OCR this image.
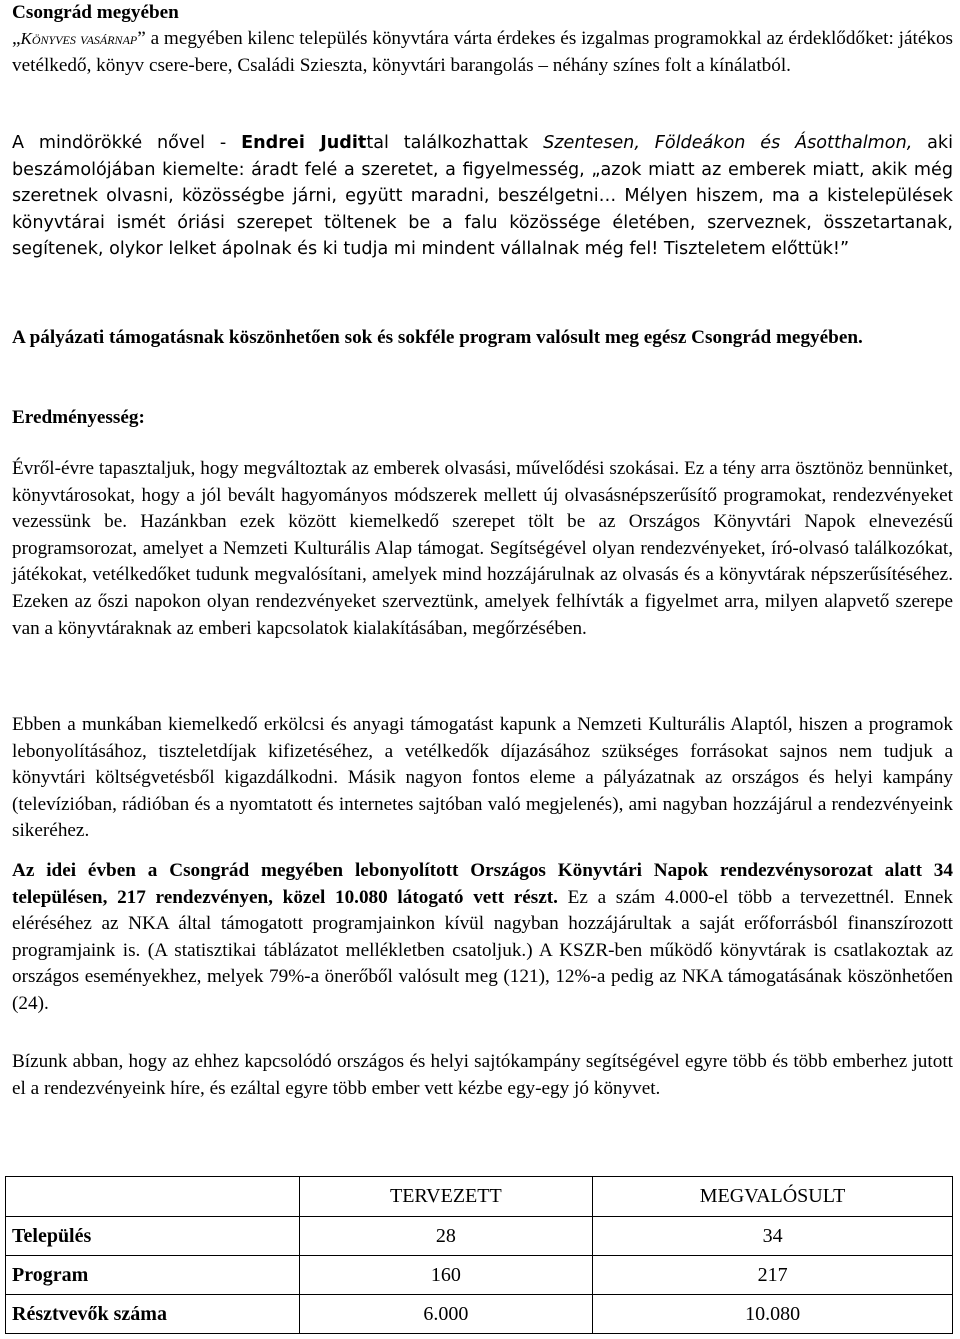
Csongrád megyében

„Könyves vasárnap” a megyében kilenc település könyvtára várta érdekes és izgalmas programokkal az érdeklődőket: játékos vetélkedő, könyv csere-bere, Családi Szieszta, könyvtári barangolás – néhány színes folt a kínálatból.

A mindörökké nővel - Endrei Judittal találkozhattak Szentesen, Földeákon és Ásotthalmon, aki beszámolójában kiemelte: áradt felé a szeretet, a figyelmesség, „azok miatt az emberek miatt, akik még szeretnek olvasni, közösségbe járni, együtt maradni, beszélgetni… Mélyen hiszem, ma a kistelepülések könyvtárai ismét óriási szerepet töltenek be a falu közössége életében, szerveznek, összetartanak, segítenek, olykor lelket ápolnak és ki tudja mi mindent vállalnak még fel! Tiszteletem előttük!”

A pályázati támogatásnak köszönhetően sok és sokféle program valósult meg egész Csongrád megyében.

Eredményesség:

Évről-évre tapasztaljuk, hogy megváltoztak az emberek olvasási, művelődési szokásai. Ez a tény arra ösztönöz bennünket, könyvtárosokat, hogy a jól bevált hagyományos módszerek mellett új olvasásnépszerűsítő programokat, rendezvényeket vezessünk be. Hazánkban ezek között kiemelkedő szerepet tölt be az Országos Könyvtári Napok elnevezésű programsorozat, amelyet a Nemzeti Kulturális Alap támogat. Segítségével olyan rendezvényeket, író-olvasó találkozókat, játékokat, vetélkedőket tudunk megvalósítani, amelyek mind hozzájárulnak az olvasás és a könyvtárak népszerűsítéséhez. Ezeken az őszi napokon olyan rendezvényeket szerveztünk, amelyek felhívták a figyelmet arra, milyen alapvető szerepe van a könyvtáraknak az emberi kapcsolatok kialakításában, megőrzésében.

Ebben a munkában kiemelkedő erkölcsi és anyagi támogatást kapunk a Nemzeti Kulturális Alaptól, hiszen a programok lebonyolításához, tiszteletdíjak kifizetéséhez, a vetélkedők díjazásához szükséges forrásokat sajnos nem tudjuk a könyvtári költségvetésből kigazdálkodni. Másik nagyon fontos eleme a pályázatnak az országos és helyi kampány (televízióban, rádióban és a nyomtatott és internetes sajtóban való megjelenés), ami nagyban hozzájárul a rendezvényeink sikeréhez.

Az idei évben a Csongrád megyében lebonyolított Országos Könyvtári Napok rendezvénysorozat alatt 34 településen, 217 rendezvényen, közel 10.080 látogató vett részt. Ez a szám 4.000-el több a tervezettnél. Ennek eléréséhez az NKA által támogatott programjainkon kívül nagyban hozzájárultak a saját erőforrásból finanszírozott programjaink is. (A statisztikai táblázatot mellékletben csatoljuk.) A KSZR-ben működő könyvtárak is csatlakoztak az országos eseményekhez, melyek 79%-a önerőből valósult meg (121), 12%-a pedig az NKA támogatásának köszönhetően (24).

Bízunk abban, hogy az ehhez kapcsolódó országos és helyi sajtókampány segítségével egyre több és több emberhez jutott el a rendezvényeink híre, és ezáltal egyre több ember vett kézbe egy-egy jó könyvet.

	TERVEZETT	MEGVALÓSULT
Település	28	34
Program	160	217
Résztvevők száma	6.000	10.080
